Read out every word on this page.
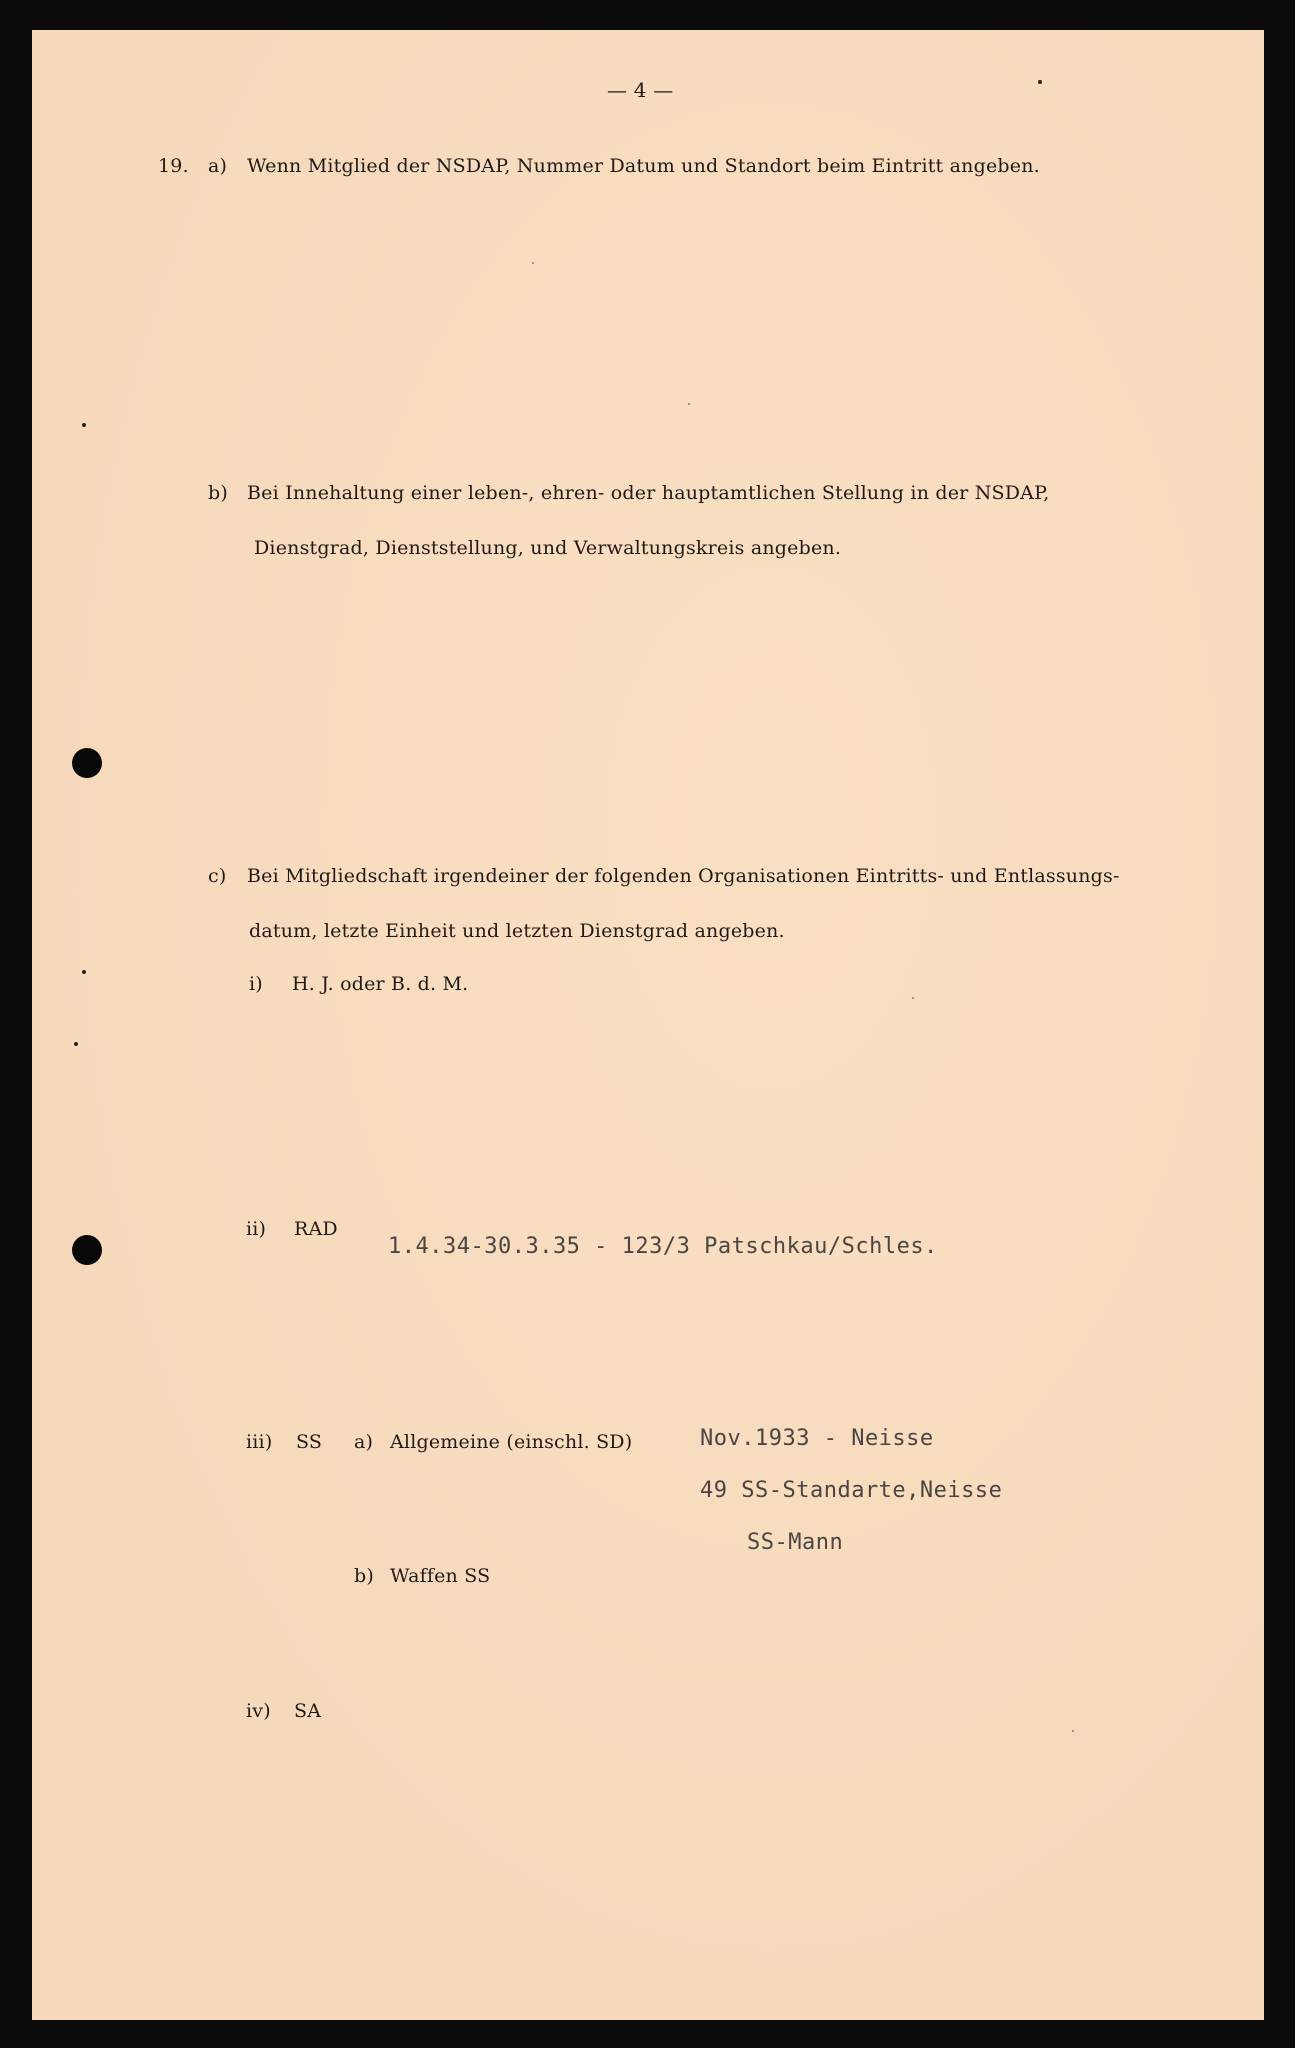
— 4 —
19. a) Wenn Mitglied der NSDAP, Nummer Datum und Standort beim Eintritt angeben.
b) Bei Innehaltung einer leben-, ehren- oder hauptamtlichen Stellung in der NSDAP,
Dienstgrad, Dienststellung, und Verwaltungskreis angeben.
c) Bei Mitgliedschaft irgendeiner der folgenden Organisationen Eintritts- und Entlassungs-
datum, letzte Einheit und letzten Dienstgrad angeben.
i) H. J. oder B. d. M.
ii) RAD
1.4.34-30.3.35 - 123/3 Patschkau/Schles.
iii) SS a) Allgemeine (einschl. SD)	Nov.1933 - Neisse
49 SS-Standarte,Neisse
SS-Mann
b) Waffen SS
iv) SA
